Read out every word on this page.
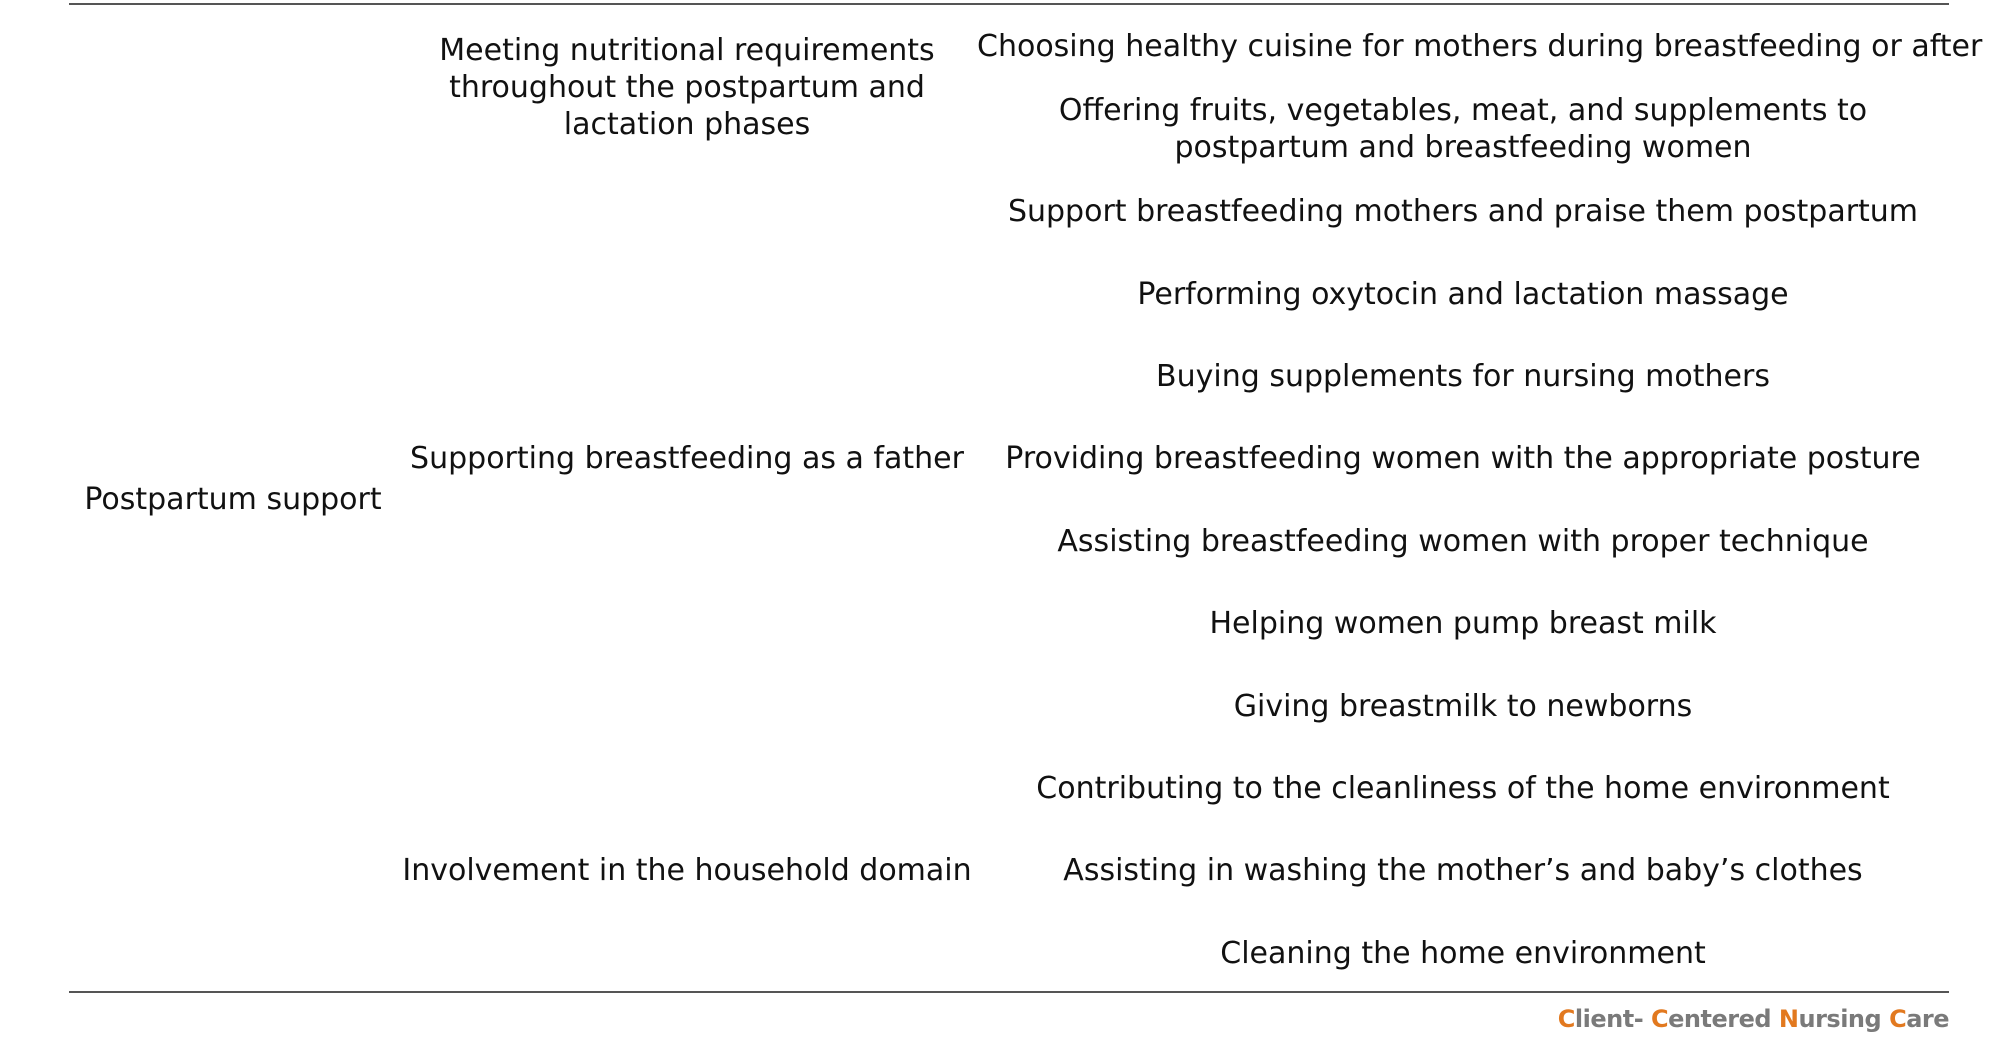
Postpartum support
Meeting nutritional requirements throughout the postpartum and lactation phases
Supporting breastfeeding as a father
Involvement in the household domain
Choosing healthy cuisine for mothers during breastfeeding or after
Offering fruits, vegetables, meat, and supplements to postpartum and breastfeeding women
Support breastfeeding mothers and praise them postpartum
Performing oxytocin and lactation massage
Buying supplements for nursing mothers
Providing breastfeeding women with the appropriate posture
Assisting breastfeeding women with proper technique
Helping women pump breast milk
Giving breastmilk to newborns
Contributing to the cleanliness of the home environment
Assisting in washing the mother’s and baby’s clothes
Cleaning the home environment
Client- Centered Nursing Care
